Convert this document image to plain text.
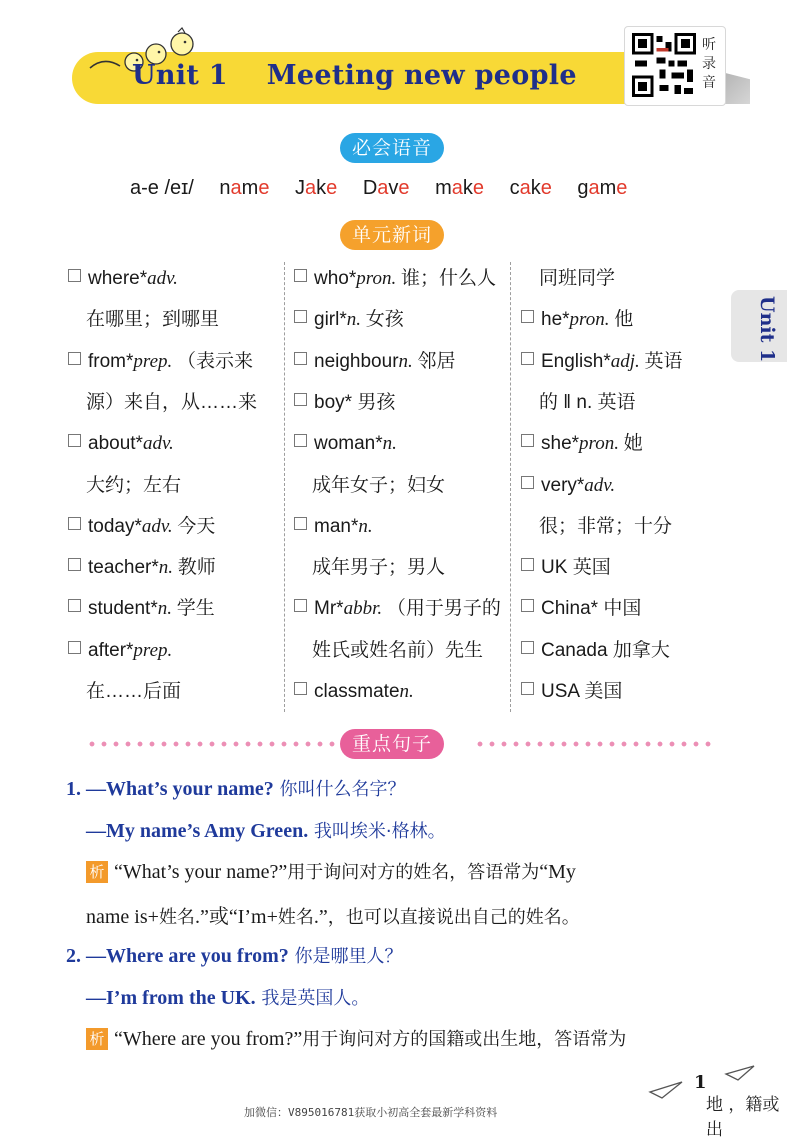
Unit 1    Meeting new people
听录音
必会语音
a-e /eɪ/ name Jake Dave make cake game
单元新词
Unit 1
where*adv.
在哪里；到哪里
from*prep. （表示来
源）来自，从……来
about*adv.
大约；左右
today*adv. 今天
teacher*n. 教师
student*n. 学生
after*prep.
在……后面
who*pron. 谁；什么人
girl*n. 女孩
neighbourn. 邻居
boy* 男孩
woman*n.
成年女子；妇女
man*n.
成年男子；男人
Mr*abbr. （用于男子的
姓氏或姓名前）先生
classmaten.
同班同学
he*pron. 他
English*adj. 英语
的 ‖ n. 英语
she*pron. 她
very*adv.
很；非常；十分
UK 英国
China* 中国
Canada 加拿大
USA 美国
重点句子
1. —What’s your name? 你叫什么名字？
—My name’s Amy Green. 我叫埃米·格林。
析 “What’s your name?”用于询问对方的姓名，答语常为“My
name is+姓名.”或“I’m+姓名.”，也可以直接说出自己的姓名。
2. —Where are you from? 你是哪里人？
—I’m from the UK. 我是英国人。
析 “Where are you from?”用于询问对方的国籍或出生地，答语常为
1
地 ，籍或出
加微信：V895016781获取小初高全套最新学科资料
